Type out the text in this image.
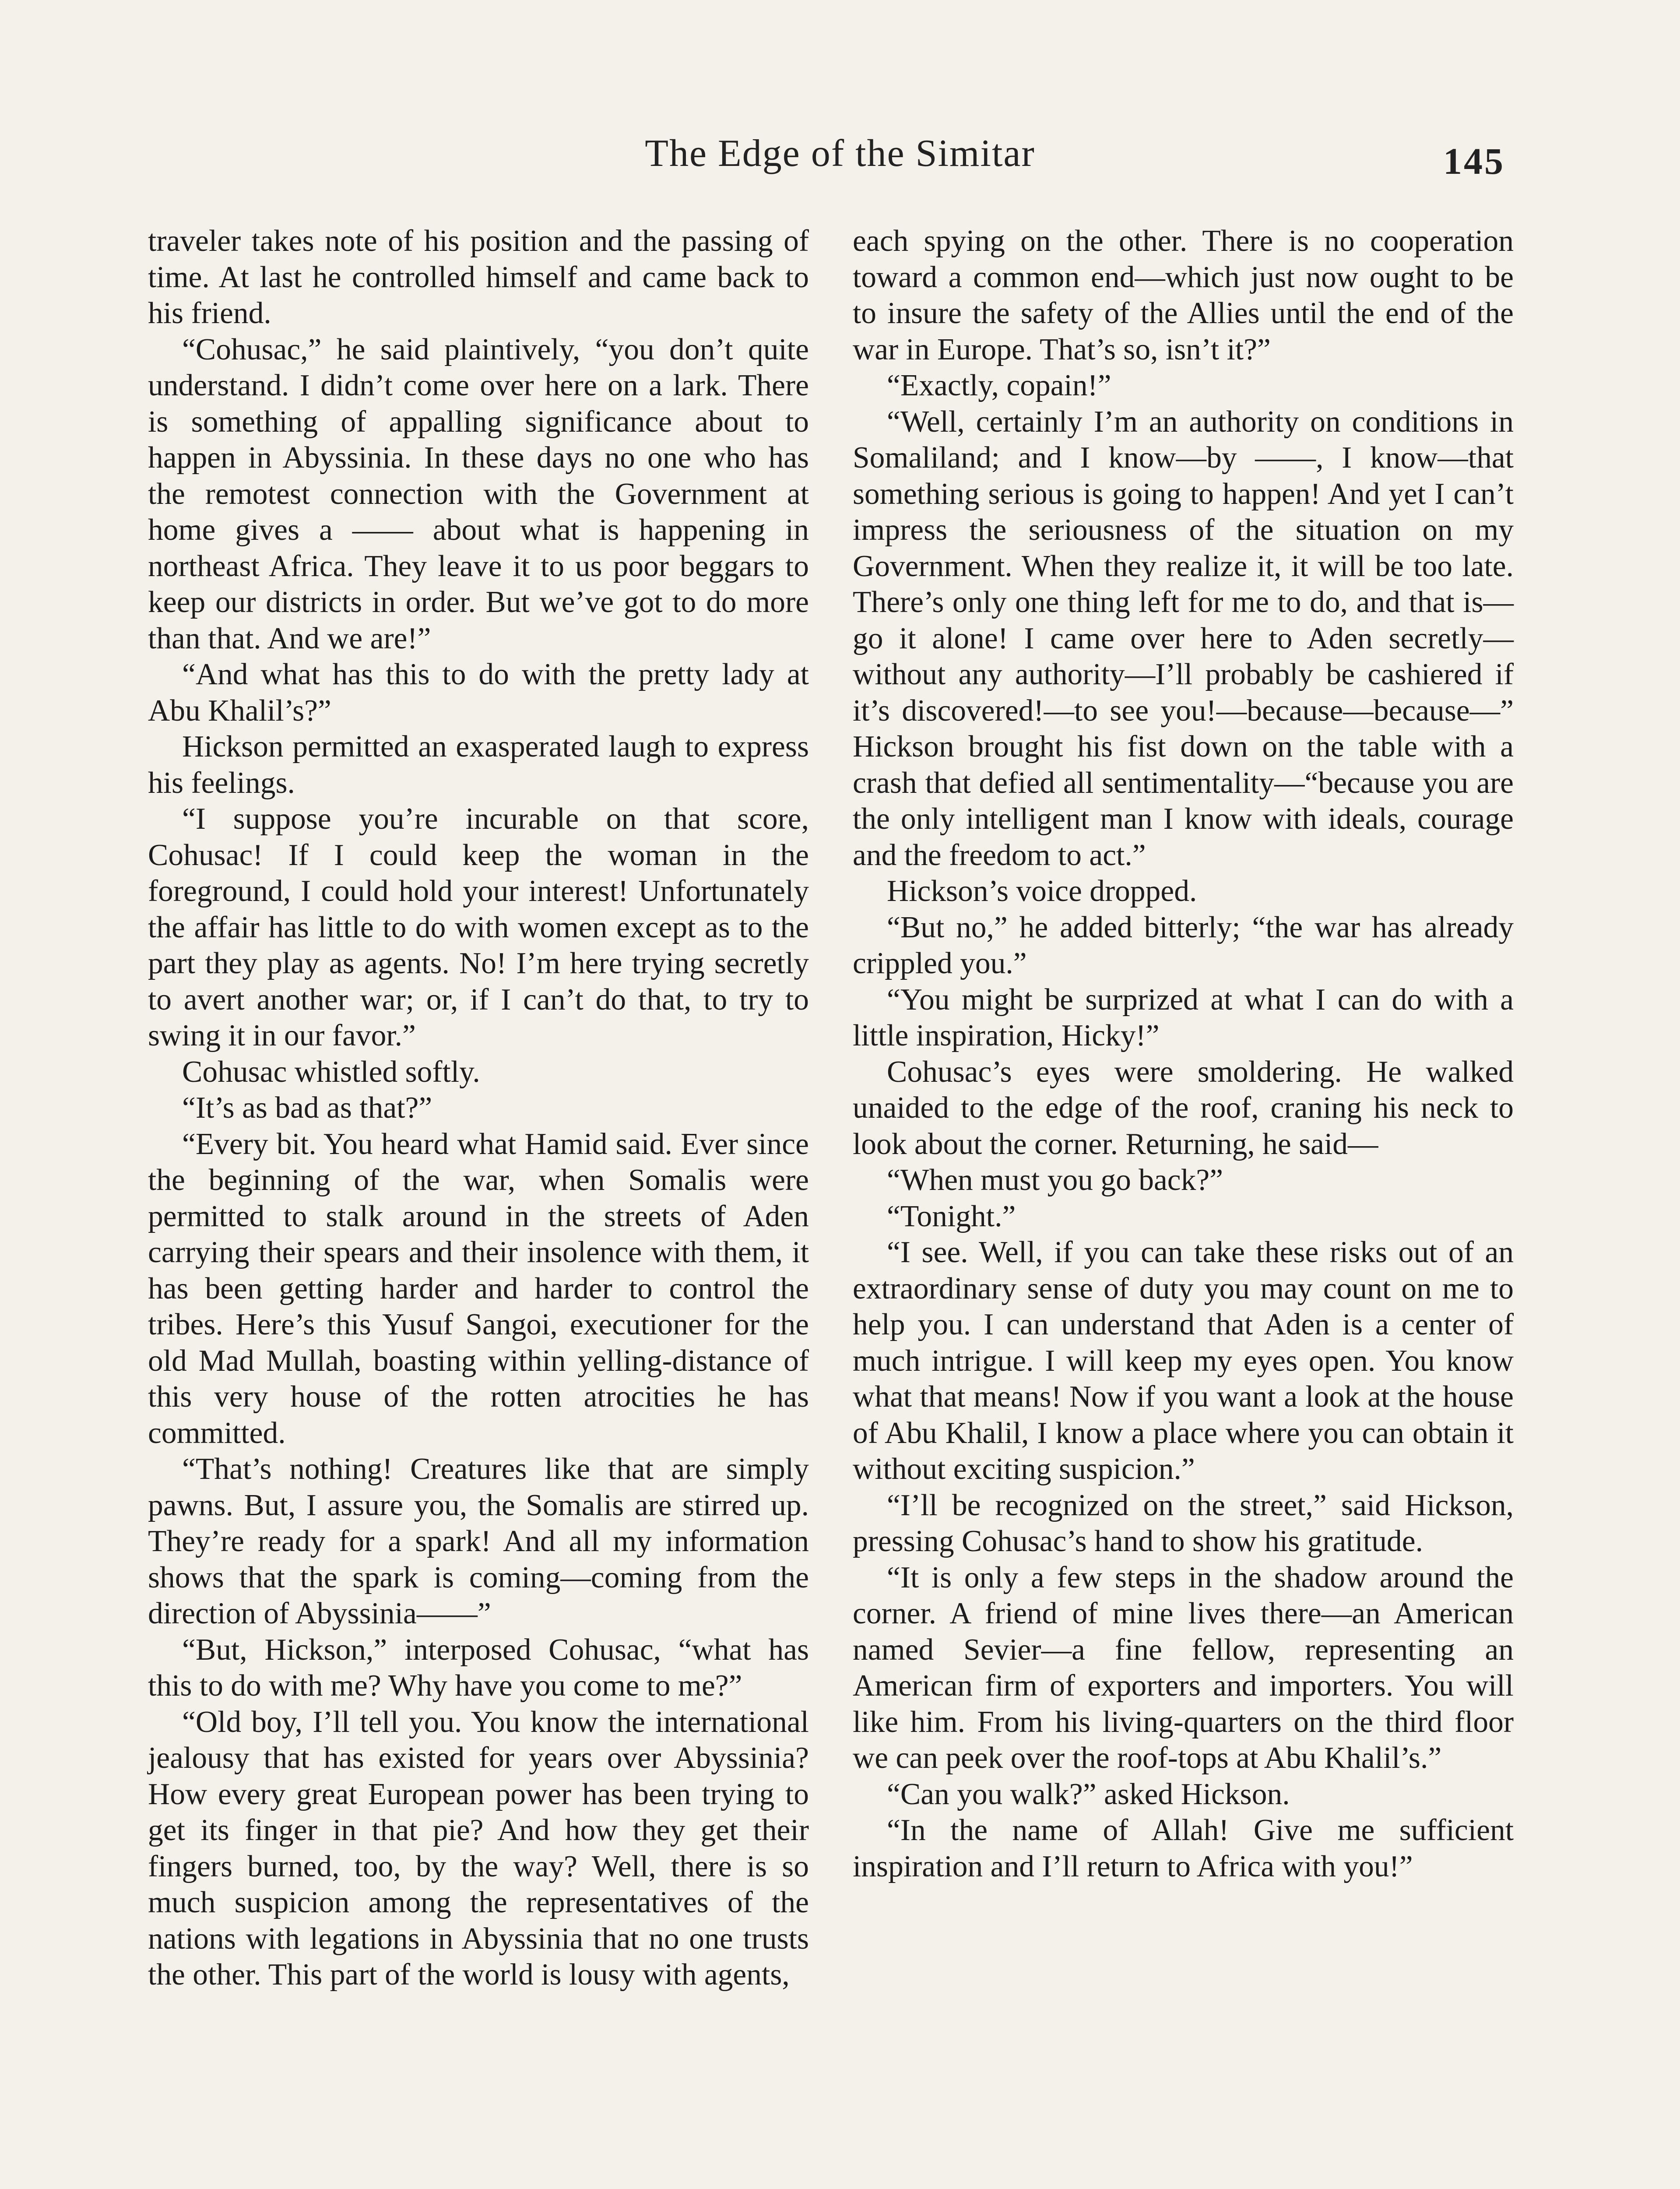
The Edge of the Simitar	145

traveler takes note of his position and the passing of time. At last he controlled himself and came back to his friend.

“Cohusac,” he said plaintively, “you don’t quite understand. I didn’t come over here on a lark. There is something of appalling significance about to happen in Abyssinia. In these days no one who has the remotest connection with the Government at home gives a —— about what is happening in northeast Africa. They leave it to us poor beggars to keep our districts in order. But we’ve got to do more than that. And we are!”

“And what has this to do with the pretty lady at Abu Khalil’s?”

Hickson permitted an exasperated laugh to express his feelings.

“I suppose you’re incurable on that score, Cohusac! If I could keep the woman in the foreground, I could hold your interest! Unfortunately the affair has little to do with women except as to the part they play as agents. No! I’m here trying secretly to avert another war; or, if I can’t do that, to try to swing it in our favor.”

Cohusac whistled softly.

“It’s as bad as that?”

“Every bit. You heard what Hamid said. Ever since the beginning of the war, when Somalis were permitted to stalk around in the streets of Aden carrying their spears and their insolence with them, it has been getting harder and harder to control the tribes. Here’s this Yusuf Sangoi, executioner for the old Mad Mullah, boasting within yelling-distance of this very house of the rotten atrocities he has committed.

“That’s nothing! Creatures like that are simply pawns. But, I assure you, the Somalis are stirred up. They’re ready for a spark! And all my information shows that the spark is coming—coming from the direction of Abyssinia——”

“But, Hickson,” interposed Cohusac, “what has this to do with me? Why have you come to me?”

“Old boy, I’ll tell you. You know the international jealousy that has existed for years over Abyssinia? How every great European power has been trying to get its finger in that pie? And how they get their fingers burned, too, by the way? Well, there is so much suspicion among the representatives of the nations with legations in Abyssinia that no one trusts the other. This part of the world is lousy with agents,

each spying on the other. There is no cooperation toward a common end—which just now ought to be to insure the safety of the Allies until the end of the war in Europe. That’s so, isn’t it?”

“Exactly, copain!”

“Well, certainly I’m an authority on conditions in Somaliland; and I know—by ——, I know—that something serious is going to happen! And yet I can’t impress the seriousness of the situation on my Government. When they realize it, it will be too late. There’s only one thing left for me to do, and that is—go it alone! I came over here to Aden secretly—without any authority—I’ll probably be cashiered if it’s discovered!—to see you!—because—because—” Hickson brought his fist down on the table with a crash that defied all sentimentality—“because you are the only intelligent man I know with ideals, courage and the freedom to act.”

Hickson’s voice dropped.

“But no,” he added bitterly; “the war has already crippled you.”

“You might be surprized at what I can do with a little inspiration, Hicky!”

Cohusac’s eyes were smoldering. He walked unaided to the edge of the roof, craning his neck to look about the corner. Returning, he said—

“When must you go back?”

“Tonight.”

“I see. Well, if you can take these risks out of an extraordinary sense of duty you may count on me to help you. I can understand that Aden is a center of much intrigue. I will keep my eyes open. You know what that means! Now if you want a look at the house of Abu Khalil, I know a place where you can obtain it without exciting suspicion.”

“I’ll be recognized on the street,” said Hickson, pressing Cohusac’s hand to show his gratitude.

“It is only a few steps in the shadow around the corner. A friend of mine lives there—an American named Sevier—a fine fellow, representing an American firm of exporters and importers. You will like him. From his living-quarters on the third floor we can peek over the roof-tops at Abu Khalil’s.”

“Can you walk?” asked Hickson.

“In the name of Allah! Give me sufficient inspiration and I’ll return to Africa with you!”
